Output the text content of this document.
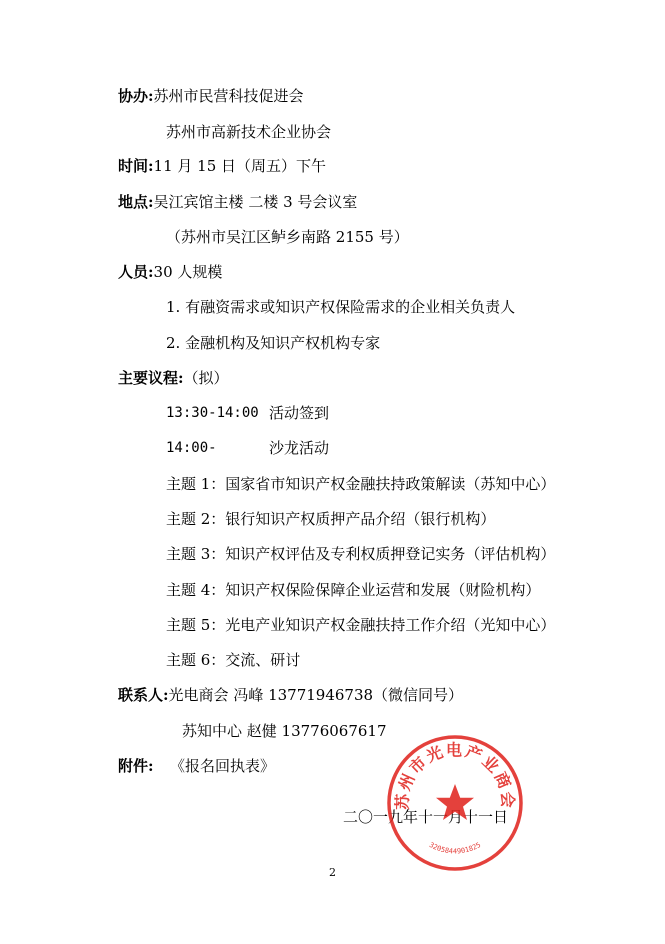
协办:苏州市民营科技促进会
苏州市高新技术企业协会
时间:11 月 15 日（周五）下午
地点:吴江宾馆主楼 二楼 3 号会议室
（苏州市吴江区鲈乡南路 2155 号）
人员:30 人规模
1. 有融资需求或知识产权保险需求的企业相关负责人
2. 金融机构及知识产权机构专家
主要议程:（拟）
13:30-14:00 活动签到
14:00-	沙龙活动
主题 1：国家省市知识产权金融扶持政策解读（苏知中心）
主题 2：银行知识产权质押产品介绍（银行机构）
主题 3：知识产权评估及专利权质押登记实务（评估机构）
主题 4：知识产权保险保障企业运营和发展（财险机构）
主题 5：光电产业知识产权金融扶持工作介绍（光知中心）
主题 6：交流、研讨
联系人:光电商会 冯峰 13771946738（微信同号）
苏知中心 赵健 13776067617
附件: 《报名回执表》
二〇一九年十一月十一日
苏州市光电产业商会
3205844901825
2
